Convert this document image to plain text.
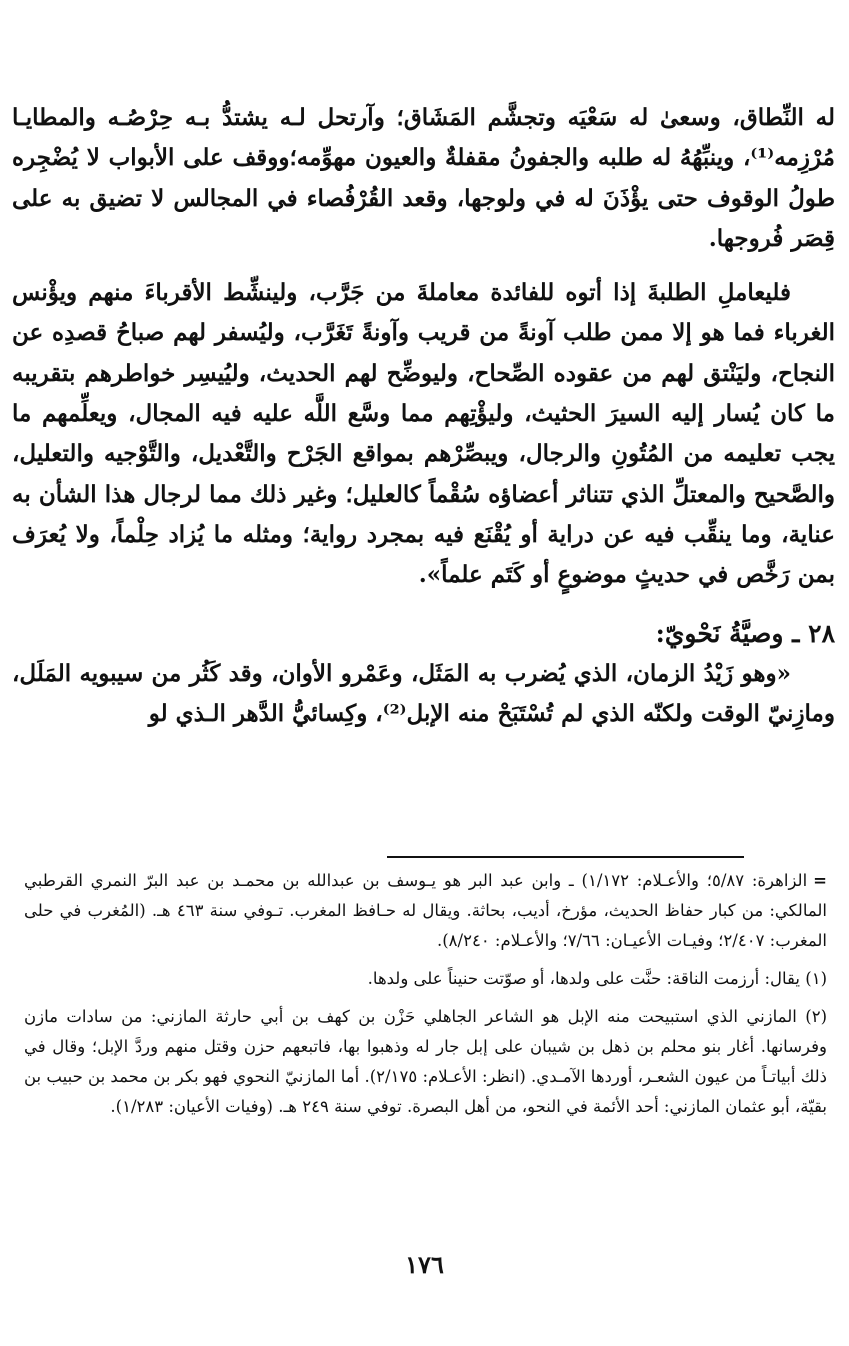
له النِّطاق، وسعىٰ له سَعْيَه وتجشَّم المَشَاق؛ وآرتحل لـه يشتدُّ بـه حِرْصُـه والمطايـا مُرْزِمه⁽¹⁾، وينبِّهُهُ له طلبه والجفونُ مقفلةٌ والعيون مهوِّمه؛ووقف على الأبواب لا يُضْجِره طولُ الوقوف حتى يؤْذَنَ له في ولوجها، وقعد القُرْفُصاء في المجالس لا تضيق به على قِصَر فُروجها.

فليعاملِ الطلبةَ إذا أتوه للفائدة معاملةَ من جَرَّب، ولينشِّط الأقرباءَ منهم ويؤْنس الغرباء فما هو إلا ممن طلب آونةً من قريب وآونةً تَغَرَّب، وليُسفر لهم صباحُ قصدِه عن النجاح، وليَنْتق لهم من عقوده الصِّحاح، وليوضِّح لهم الحديث، وليُيسِر خواطرهم بتقريبه ما كان يُسار إليه السيرَ الحثيث، وليؤْتِهم مما وسَّع اللَّه عليه فيه المجال، ويعلِّمهم ما يجب تعليمه من المُتُونِ والرجال، ويبصِّرْهم بمواقع الجَرْح والتَّعْديل، والتَّوْجيه والتعليل، والصَّحيح والمعتلِّ الذي تتناثر أعضاؤه سُقْماً كالعليل؛ وغير ذلك مما لرجال هذا الشأن به عناية، وما ينقِّب فيه عن دراية أو يُقْنَع فيه بمجرد رواية؛ ومثله ما يُزاد حِلْماً، ولا يُعرَف بمن رَخَّص في حديثٍ موضوعٍ أو كَتَم علماً».

٢٨ ـ وصيَّةُ نَحْويّ:

«وهو زَيْدُ الزمان، الذي يُضرب به المَثَل، وعَمْرو الأوان، وقد كَثُر من سيبويه المَلَل، ومازِنيّ الوقت ولكنّه الذي لم تُسْتَبَحْ منه الإبل⁽²⁾، وكِسائيُّ الدَّهر الـذي لو

=الزاهرة: ٥/٨٧؛ والأعـلام: ١/١٧٢) ـ وابن عبد البر هو يـوسف بن عبدالله بن محمـد بن عبد البرّ النمري القرطبي المالكي: من كبار حفاظ الحديث، مؤرخ، أديب، بحاثة. ويقال له حـافظ المغرب. تـوفي سنة ٤٦٣ هـ. (المُغرب في حلى المغرب: ٢/٤٠٧؛ وفيـات الأعيـان: ٧/٦٦؛ والأعـلام: ٨/٢٤٠).

(١) يقال: أرزمت الناقة: حنَّت على ولدها، أو صوّتت حنيناً على ولدها.

(٢) المازني الذي استبيحت منه الإبل هو الشاعر الجاهلي حَزْن بن كهف بن أبي حارثة المازني: من سادات مازن وفرسانها. أغار بنو محلم بن ذهل بن شيبان على إبل جار له وذهبوا بها، فاتبعهم حزن وقتل منهم وردَّ الإبل؛ وقال في ذلك أبياتـاً من عيون الشعـر، أوردها الآمـدي. (انظر: الأعـلام: ٢/١٧٥). أما المازنيّ النحوي فهو بكر بن محمد بن حبيب بن بقيّة، أبو عثمان المازني: أحد الأئمة في النحو، من أهل البصرة. توفي سنة ٢٤٩ هـ. (وفيات الأعيان: ١/٢٨٣).

١٧٦
